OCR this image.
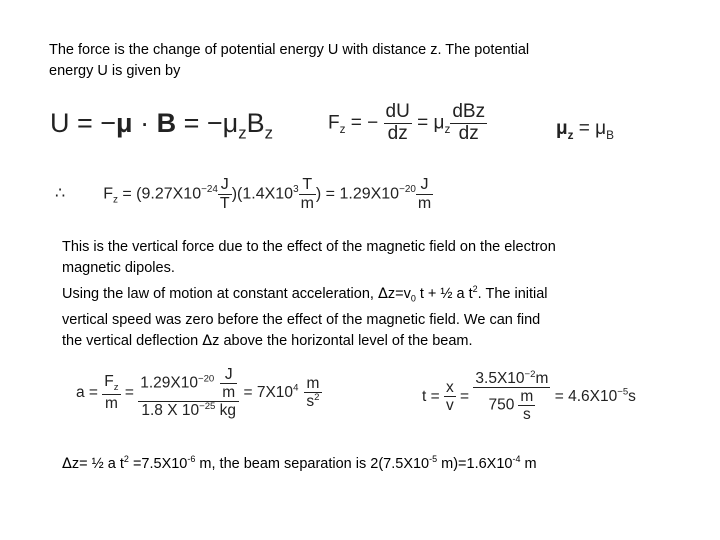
The force is the change of potential energy U with distance z. The potential
energy U is given by
$U = -\mu \cdot B = -\mu_zB_z$	$F_z$ = − $\frac{dU}{dz} = \mu_z \frac{\text{dBz}}{dz}$	$\mu_z = \mu_B$
∴ $F_z = (9.27X10^{-24} \frac{J}{T} )(1.4X10^3 \frac{T}{m}$ ) = $1.29X10^{-20} \frac{J}{m}$
This is the vertical force due to the effect of the magnetic field on the electron
magnetic dipoles.
Using the law of motion at constant acceleration, $\Delta z=v_0$ t + ½ a $t^2$. The initial
vertical speed was zero before the effect of the magnetic field. We can find
the vertical deflection Δz above the horizontal level of the beam.
$a = \frac{F_z}{m} = \frac{1.29X10^{-20} \frac{J}{m}}{1.8 X 10^{-25} kg} = 7X10^4 \frac{m}{s^2}$	$t = \frac{x}{v} = \frac{3.5X10^{-2}m}{750 \frac{m}{s}} = 4.6X10^{-5}s$
Δz= ½ a $t^2 =7.5X10^{-6}$ m, the beam separation is $2(7.5X10^{-5}$ $m)=1.6X10^{-4}$ m
